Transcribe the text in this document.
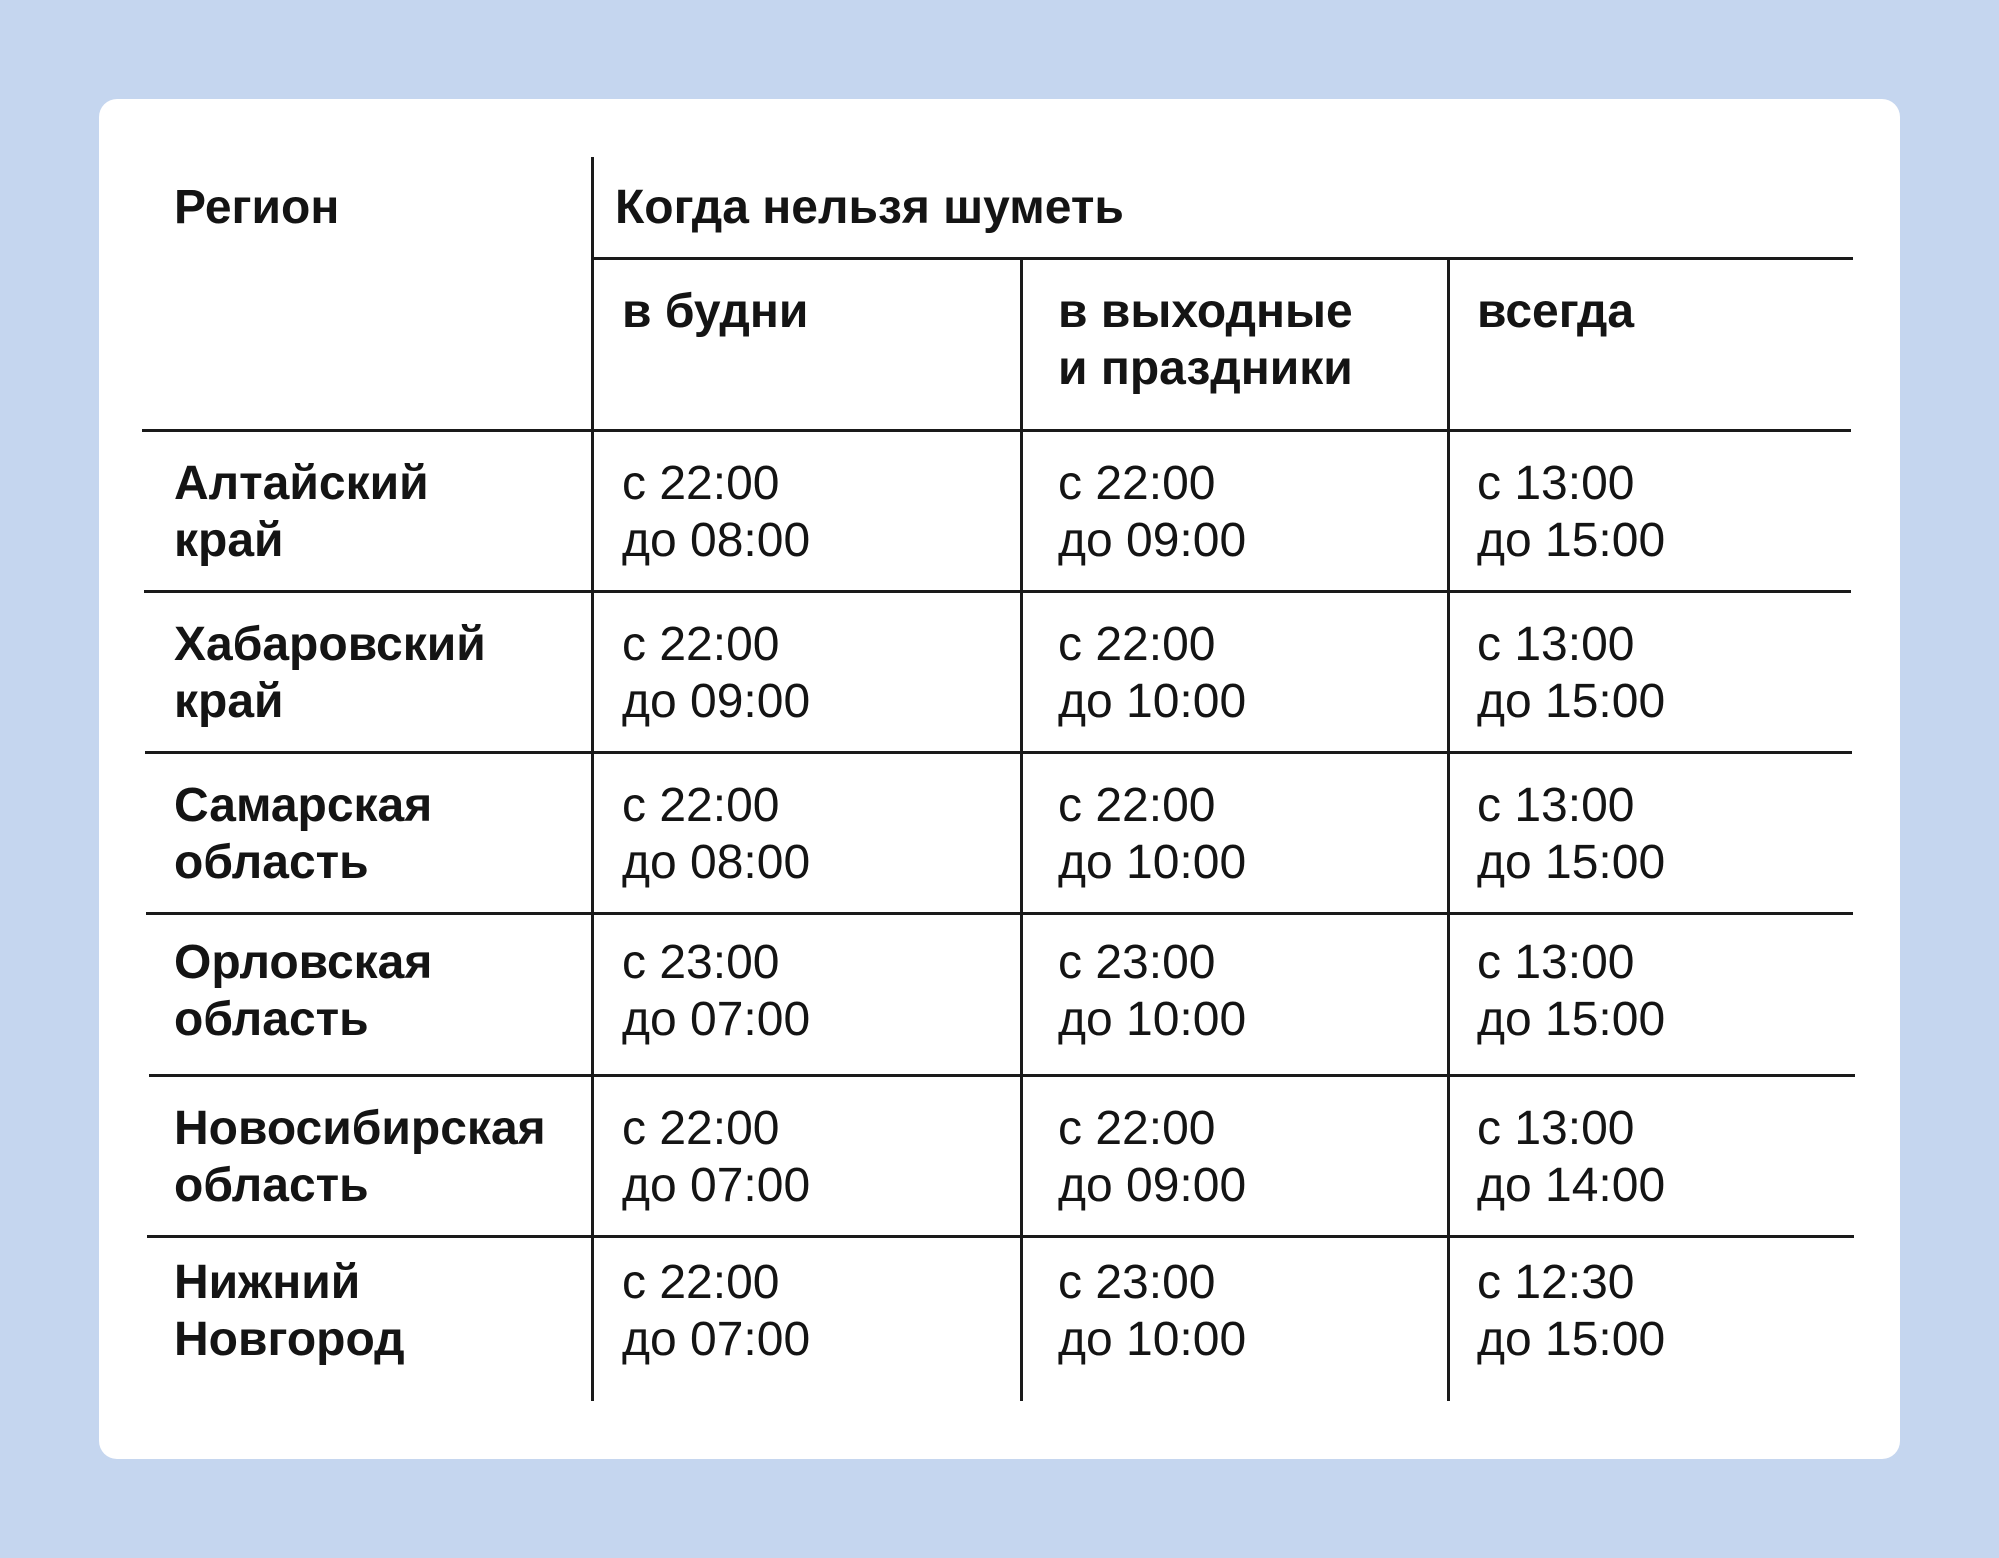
Регион	Когда нельзя шуметь

в будни	в выходные
и праздники

всегда

Алтайский
край

с 22:00
до 08:00

с 22:00
до 09:00

с 13:00
до 15:00

Хабаровский
край

с 22:00
до 09:00

с 22:00
до 10:00

с 13:00
до 15:00

Самарская
область

с 22:00
до 08:00

с 22:00
до 10:00

с 13:00
до 15:00

Орловская
область

с 23:00
до 07:00

с 23:00
до 10:00

с 13:00
до 15:00

Новосибирская
область

с 22:00
до 07:00

с 22:00
до 09:00

с 13:00
до 14:00

Нижний
Новгород

с 22:00
до 07:00

с 23:00
до 10:00

с 12:30
до 15:00
